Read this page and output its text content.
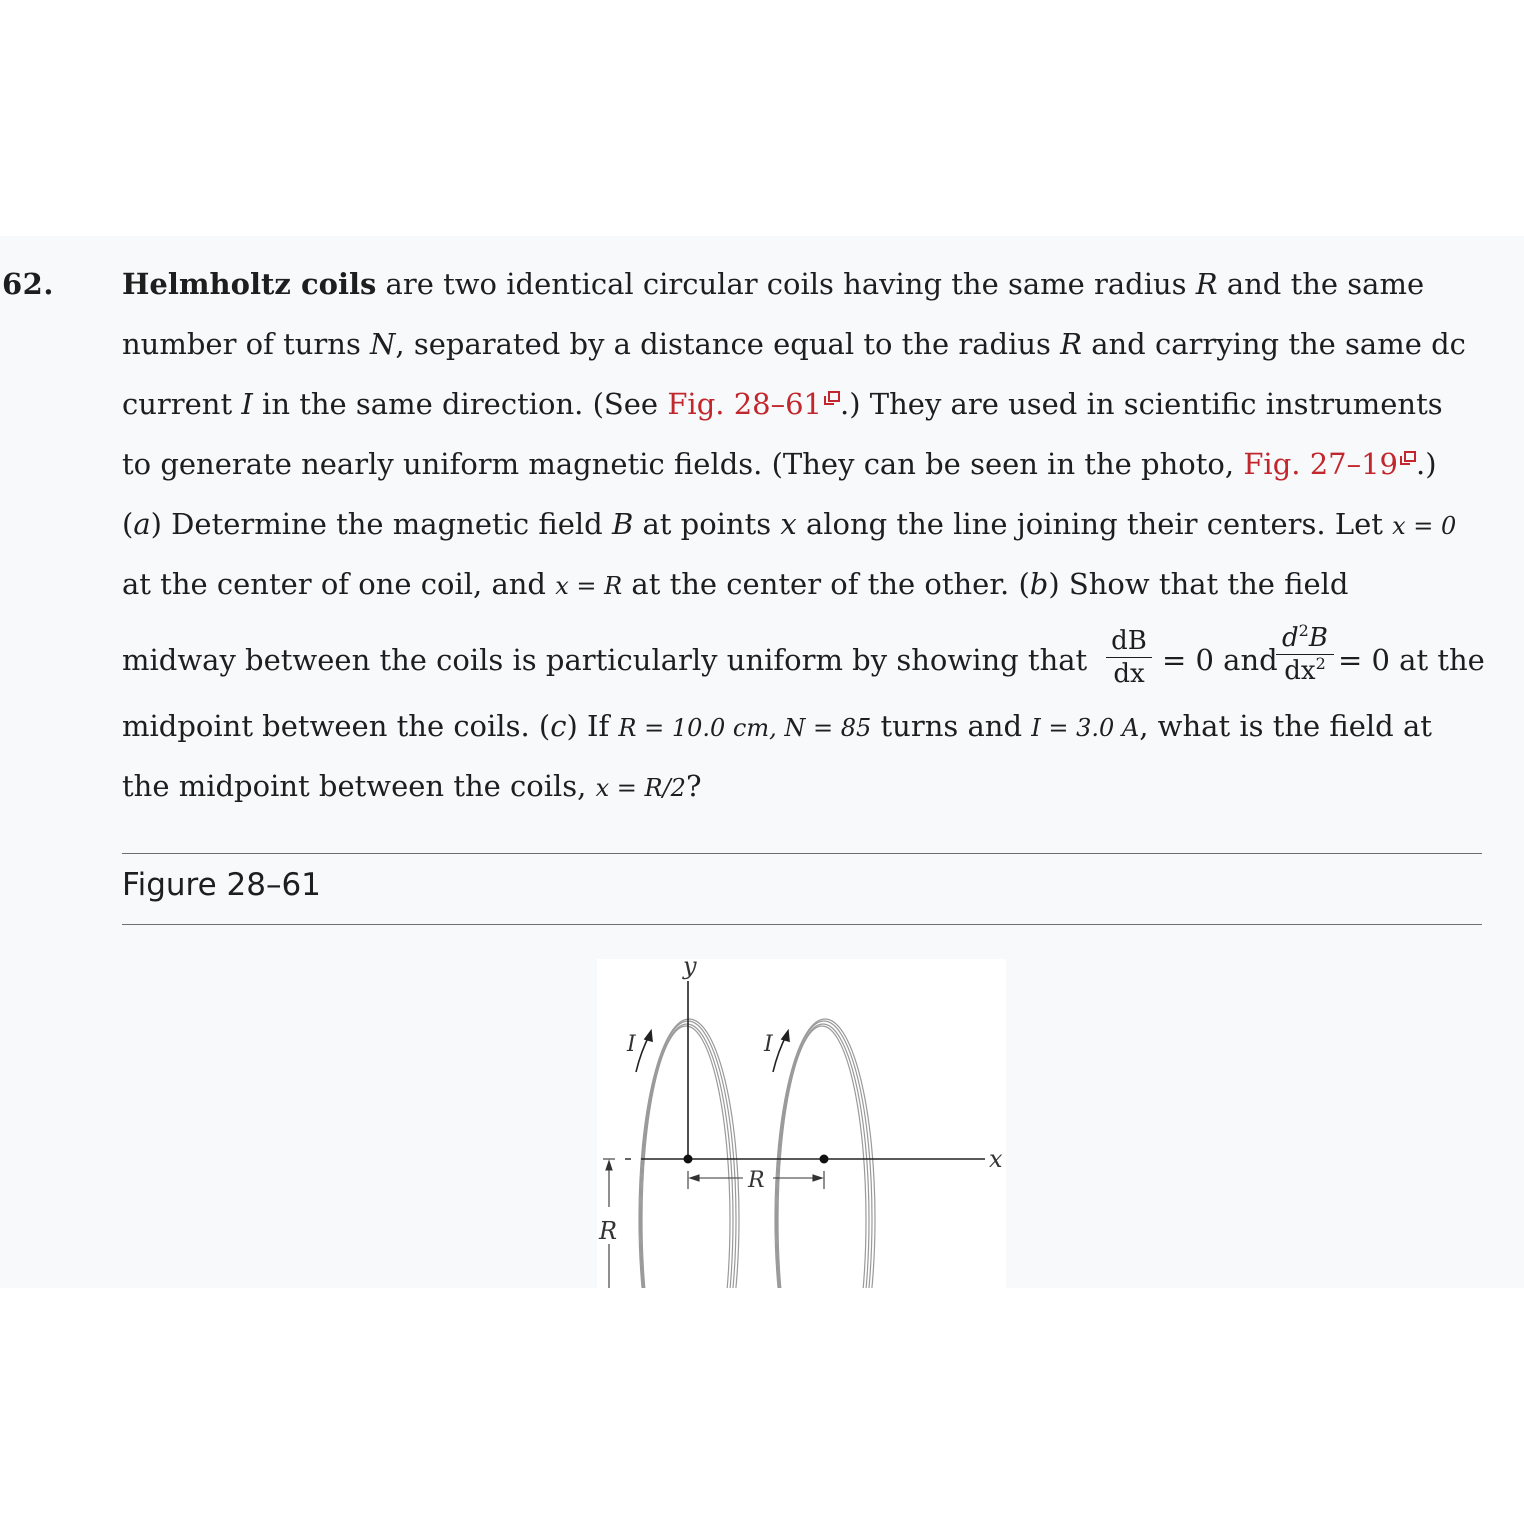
62. Helmholtz coils are two identical circular coils having the same radius R and the same
number of turns N, separated by a distance equal to the radius R and carrying the same dc
current I in the same direction. (See Fig. 28–61 .) They are used in scientific instruments
to generate nearly uniform magnetic fields. (They can be seen in the photo, Fig. 27–19 .)
(a) Determine the magnetic field B at points x along the line joining their centers. Let x = 0
at the center of one coil, and x = R at the center of the other. (b) Show that the field
midway between the coils is particularly uniform by showing that
dB
dx = 0 and
$d^2B$
$dx^2 = 0$ at the
midpoint between the coils. (c) If R = 10.0 cm, N = 85 turns and I = 3.0 A, what is the field at
the midpoint between the coils, x = R/2?
Figure 28–61
y
x
I	I
R
R
